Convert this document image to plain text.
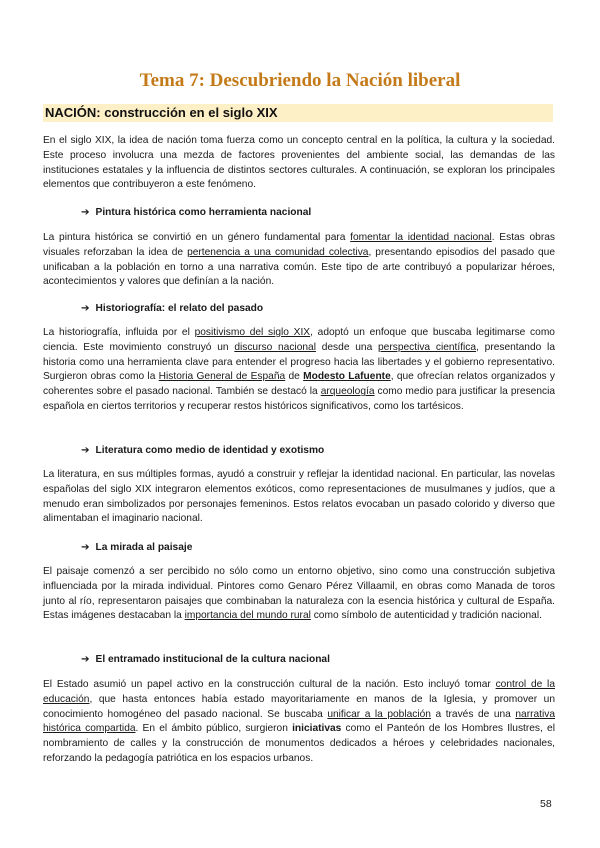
Tema 7: Descubriendo la Nación liberal
NACIÓN: construcción en el siglo XIX

En el siglo XIX, la idea de nación toma fuerza como un concepto central en la política, la cultura y la sociedad. Este proceso involucra una mezda de factores provenientes del ambiente social, las demandas de las instituciones estatales y la influencia de distintos sectores culturales. A continuación, se exploran los principales elementos que contribuyeron a este fenómeno.

➔ Pintura histórica como herramienta nacional

La pintura histórica se convirtió en un género fundamental para fomentar la identidad nacional. Estas obras visuales reforzaban la idea de pertenencia a una comunidad colectiva, presentando episodios del pasado que unificaban a la población en torno a una narrativa común. Este tipo de arte contribuyó a popularizar héroes, acontecimientos y valores que definían a la nación.

➔ Historiografía: el relato del pasado

La historiografía, influida por el positivismo del siglo XIX, adoptó un enfoque que buscaba legitimarse como ciencia. Este movimiento construyó un discurso nacional desde una perspectiva científica, presentando la historia como una herramienta clave para entender el progreso hacia las libertades y el gobierno representativo. Surgieron obras como la Historia General de España de Modesto Lafuente, que ofrecían relatos organizados y coherentes sobre el pasado nacional. También se destacó la arqueología como medio para justificar la presencia española en ciertos territorios y recuperar restos históricos significativos, como los tartésicos.

➔ Literatura como medio de identidad y exotismo

La literatura, en sus múltiples formas, ayudó a construir y reflejar la identidad nacional. En particular, las novelas españolas del siglo XIX integraron elementos exóticos, como representaciones de musulmanes y judíos, que a menudo eran simbolizados por personajes femeninos. Estos relatos evocaban un pasado colorido y diverso que alimentaban el imaginario nacional.

➔ La mirada al paisaje

El paisaje comenzó a ser percibido no sólo como un entorno objetivo, sino como una construcción subjetiva influenciada por la mirada individual. Pintores como Genaro Pérez Villaamil, en obras como Manada de toros junto al río, representaron paisajes que combinaban la naturaleza con la esencia histórica y cultural de España. Estas imágenes destacaban la importancia del mundo rural como símbolo de autenticidad y tradición nacional.

➔ El entramado institucional de la cultura nacional

El Estado asumió un papel activo en la construcción cultural de la nación. Esto incluyó tomar control de la educación, que hasta entonces había estado mayoritariamente en manos de la Iglesia, y promover un conocimiento homogéneo del pasado nacional. Se buscaba unificar a la población a través de una narrativa histórica compartida. En el ámbito público, surgieron iniciativas como el Panteón de los Hombres Ilustres, el nombramiento de calles y la construcción de monumentos dedicados a héroes y celebridades nacionales, reforzando la pedagogía patriótica en los espacios urbanos.

58
